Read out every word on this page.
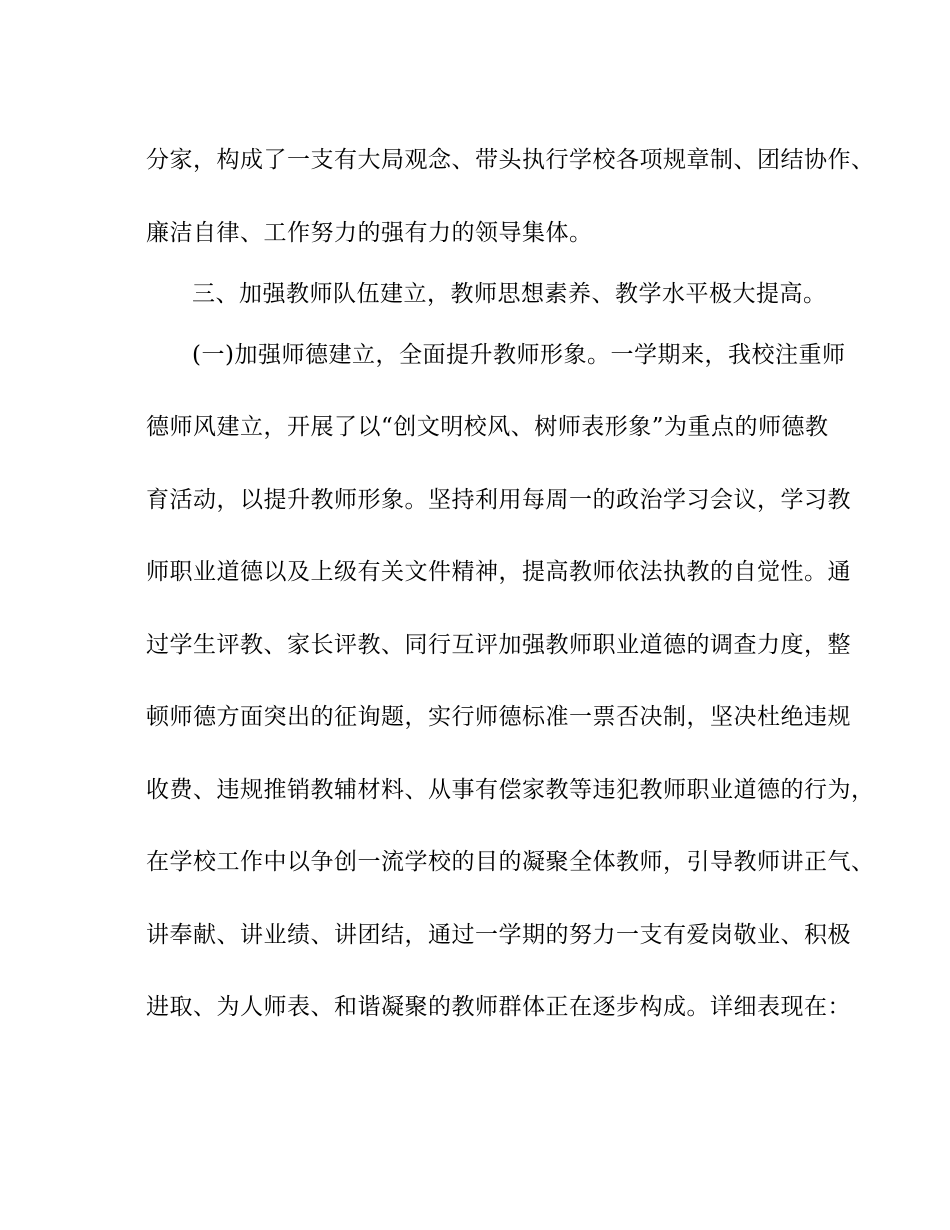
分家，构成了一支有大局观念、带头执行学校各项规章制、团结协作、
廉洁自律、工作努力的强有力的领导集体。
三、加强教师队伍建立，教师思想素养、教学水平极大提高。
(一)加强师德建立，全面提升教师形象。一学期来，我校注重师
德师风建立，开展了以“创文明校风、树师表形象”为重点的师德教
育活动，以提升教师形象。坚持利用每周一的政治学习会议，学习教
师职业道德以及上级有关文件精神，提高教师依法执教的自觉性。通
过学生评教、家长评教、同行互评加强教师职业道德的调查力度，整
顿师德方面突出的征询题，实行师德标准一票否决制，坚决杜绝违规
收费、违规推销教辅材料、从事有偿家教等违犯教师职业道德的行为，
在学校工作中以争创一流学校的目的凝聚全体教师，引导教师讲正气、
讲奉献、讲业绩、讲团结，通过一学期的努力一支有爱岗敬业、积极
进取、为人师表、和谐凝聚的教师群体正在逐步构成。详细表现在：
